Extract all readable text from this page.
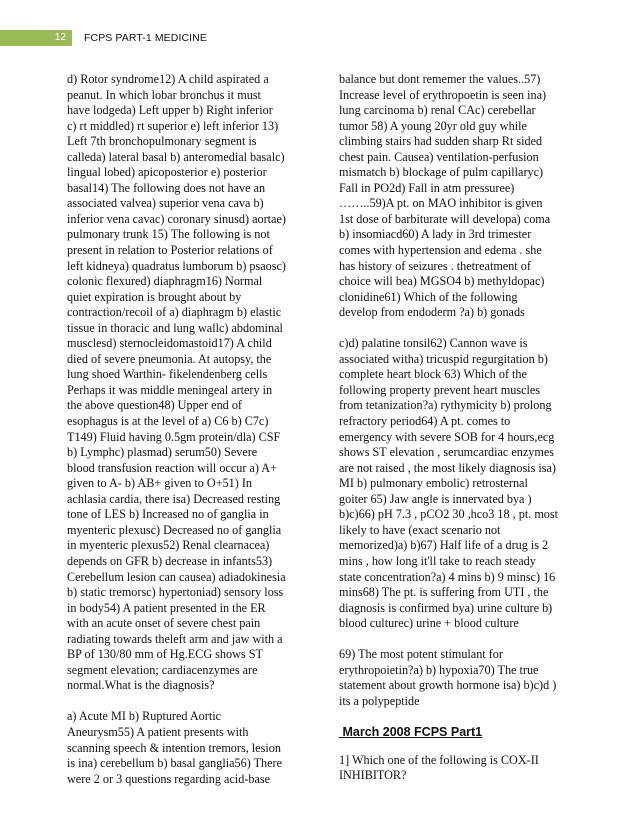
12	FCPS PART-1 MEDICINE

d) Rotor syndrome12) A child aspirated a
peanut. In which lobar bronchus it must
have lodgeda) Left upper b) Right inferior
c) rt middled) rt superior e) left inferior 13)
Left 7th bronchopulmonary segment is
calleda) lateral basal b) anteromedial basalc)
lingual lobed) apicoposterior e) posterior
basal14) The following does not have an
associated valvea) superior vena cava b)
inferior vena cavac) coronary sinusd) aortae)
pulmonary trunk 15) The following is not
present in relation to Posterior relations of
left kidneya) quadratus lumborum b) psaosc)
colonic flexured) diaphragm16) Normal
quiet expiration is brought about by
contraction/recoil of a) diaphragm b) elastic
tissue in thoracic and lung wallc) abdominal
musclesd) sternocleidomastoid17) A child
died of severe pneumonia. At autopsy, the
lung shoed Warthin- fikelendenberg cells
Perhaps it was middle meningeal artery in
the above question48) Upper end of
esophagus is at the level of a) C6 b) C7c)
T149) Fluid having 0.5gm protein/dla) CSF
b) Lymphc) plasmad) serum50) Severe
blood transfusion reaction will occur a) A+
given to A- b) AB+ given to O+51) In
achlasia cardia, there isa) Decreased resting
tone of LES b) Increased no of ganglia in
myenteric plexusc) Decreased no of ganglia
in myenteric plexus52) Renal clearnacea)
depends on GFR b) decrease in infants53)
Cerebellum lesion can causea) adiadokinesia
b) static tremorsc) hypertoniad) sensory loss
in body54) A patient presented in the ER
with an acute onset of severe chest pain
radiating towards theleft arm and jaw with a
BP of 130/80 mm of Hg.ECG shows ST
segment elevation; cardiacenzymes are
normal.What is the diagnosis?

a) Acute MI b) Ruptured Aortic
Aneurysm55) A patient presents with
scanning speech & intention tremors, lesion
is ina) cerebellum b) basal ganglia56) There
were 2 or 3 questions regarding acid-base

balance but dont rememer the values..57)
Increase level of erythropoetin is seen ina)
lung carcinoma b) renal CAc) cerebellar
tumor 58) A young 20yr old guy while
climbing stairs had sudden sharp Rt sided
chest pain. Causea) ventilation-perfusion
mismatch b) blockage of pulm capillaryc)
Fall in PO2d) Fall in atm pressuree)
……..59)A pt. on MAO inhibitor is given
1st dose of barbiturate will developa) coma
b) insomiacd60) A lady in 3rd trimester
comes with hypertension and edema . she
has history of seizures . thetreatment of
choice will bea) MGSO4 b) methyldopac)
clonidine61) Which of the following
develop from endoderm ?a) b) gonads

c)d) palatine tonsil62) Cannon wave is
associated witha) tricuspid regurgitation b)
complete heart block 63) Which of the
following property prevent heart muscles
from tetanization?a) rythymicity b) prolong
refractory period64) A pt. comes to
emergency with severe SOB for 4 hours,ecg
shows ST elevation , serumcardiac enzymes
are not raised , the most likely diagnosis isa)
MI b) pulmonary embolic) retrosternal
goiter 65) Jaw angle is innervated bya )
b)c)66) pH 7.3 , pCO2 30 ,hco3 18 , pt. most
likely to have (exact scenario not
memorized)a) b)67) Half life of a drug is 2
mins , how long it'll take to reach steady
state concentration?a) 4 mins b) 9 minsc) 16
mins68) The pt. is suffering from UTI , the
diagnosis is confirmed bya) urine culture b)
blood culturec) urine + blood culture

69) The most potent stimulant for
erythropoietin?a) b) hypoxia70) The true
statement about growth hormone isa) b)c)d )
its a polypeptide

March 2008 FCPS Part1

1] Which one of the following is COX-II
INHIBITOR?
